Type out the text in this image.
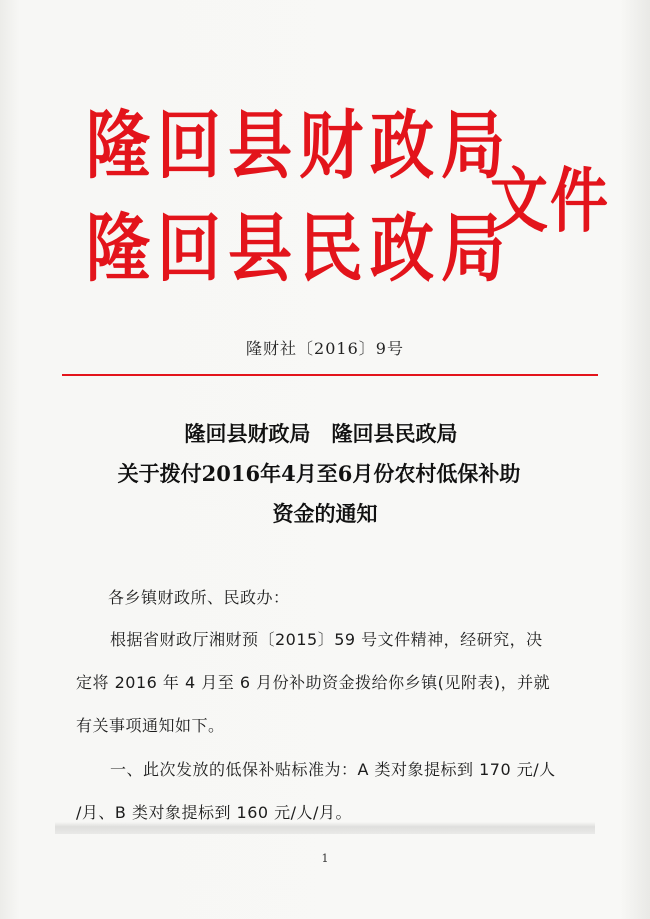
隆回县财政局
隆回县民政局
文件
隆财社〔2016〕9号
隆回县财政局　隆回县民政局
关于拨付2016年4月至6月份农村低保补助
资金的通知
各乡镇财政所、民政办：
根据省财政厅湘财预〔2015〕59 号文件精神，经研究，决
定将 2016 年 4 月至 6 月份补助资金拨给你乡镇(见附表)，并就
有关事项通知如下。
一、此次发放的低保补贴标准为：A 类对象提标到 170 元/人
/月、B 类对象提标到 160 元/人/月。
1
